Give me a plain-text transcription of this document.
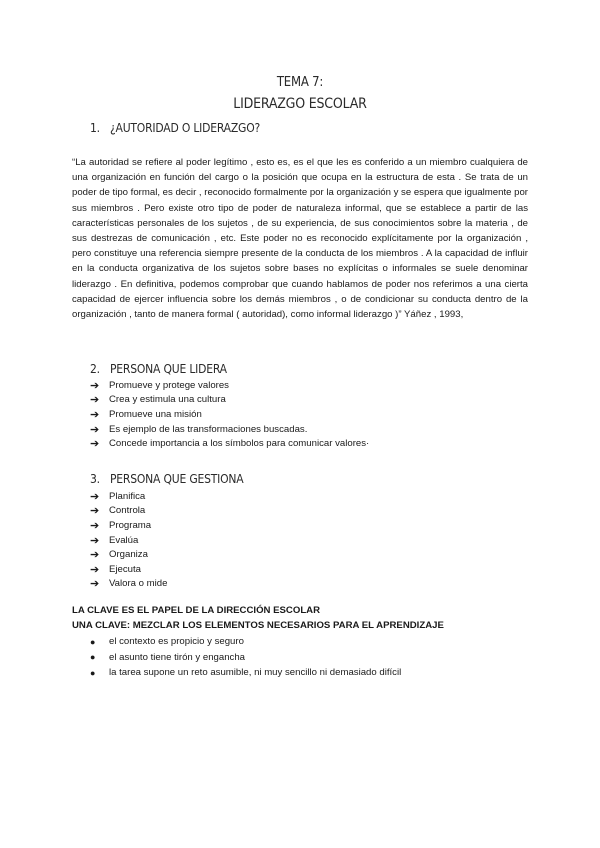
TEMA 7:
LIDERAZGO ESCOLAR
1. ¿AUTORIDAD O LIDERAZGO?
“La autoridad se refiere al poder legítimo , esto es, es el que les es conferido a un miembro cualquiera de una organización en función del cargo o la posición que ocupa en la estructura de esta . Se trata de un poder de tipo formal, es decir , reconocido formalmente por la organización y se espera que igualmente por sus miembros . Pero existe otro tipo de poder de naturaleza informal, que se establece a partir de las características personales de los sujetos , de su experiencia, de sus conocimientos sobre la materia , de sus destrezas de comunicación , etc. Este poder no es reconocido explícitamente por la organización , pero constituye una referencia siempre presente de la conducta de los miembros . A la capacidad de influir en la conducta organizativa de los sujetos sobre bases no explícitas o informales se suele denominar liderazgo . En definitiva, podemos comprobar que cuando hablamos de poder nos referimos a una cierta capacidad de ejercer influencia sobre los demás miembros , o de condicionar su conducta dentro de la organización , tanto de manera formal ( autoridad), como informal liderazgo )” Yáñez , 1993,
2. PERSONA QUE LIDERA
➔	Promueve y protege valores
➔	Crea y estimula una cultura
➔	Promueve una misión
➔	Es ejemplo de las transformaciones buscadas.
➔	Concede importancia a los símbolos para comunicar valores·
3. PERSONA QUE GESTIONA
➔	Planifica
➔	Controla
➔	Programa
➔	Evalúa
➔	Organiza
➔	Ejecuta
➔	Valora o mide
LA CLAVE ES EL PAPEL DE LA DIRECCIÓN ESCOLAR
UNA CLAVE: MEZCLAR LOS ELEMENTOS NECESARIOS PARA EL APRENDIZAJE
●	el contexto es propicio y seguro
●	el asunto tiene tirón y engancha
●	la tarea supone un reto asumible, ni muy sencillo ni demasiado difícil
